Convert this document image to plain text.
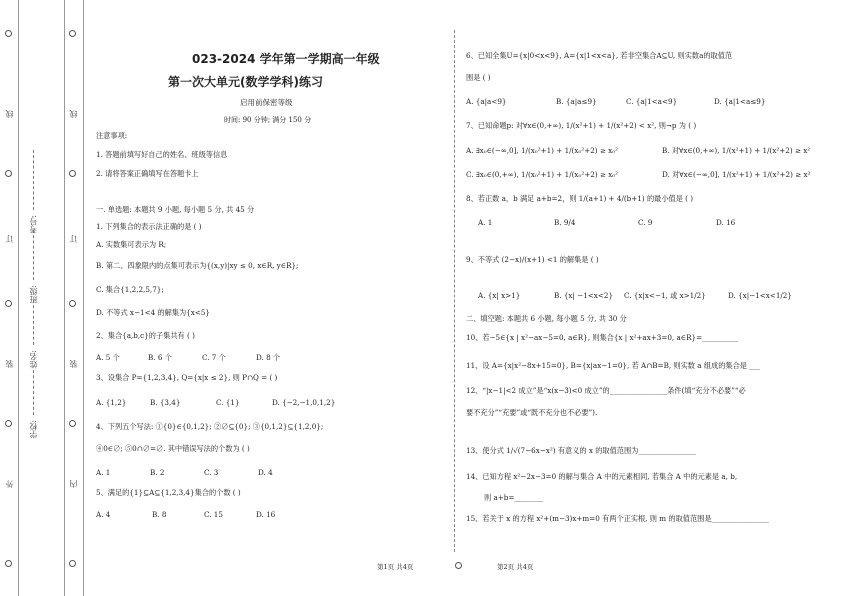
线
订
装
外
线
订
装
内
学校:
姓名:
班级:
考号:
023-2024 学年第一学期高一年级
第一次大单元(数学学科)练习
启用前保密等级
时间: 90 分钟; 满分 150 分
注意事项:
1. 答题前填写好自己的姓名、班级等信息
2. 请将答案正确填写在答题卡上
一. 单选题: 本题共 9 小题, 每小题 5 分, 共 45 分
1. 下列集合的表示法正确的是 ( )
A. 实数集可表示为 R;
B. 第二、四象限内的点集可表示为{(x,y)|xy ≤ 0, x∈R, y∈R};
C. 集合{1,2,2,5,7};
D. 不等式 x−1<4 的解集为{x<5}
2、集合{a,b,c}的子集共有 ( )
A. 5 个	B. 6 个	C. 7 个	D. 8 个
3、设集合 P={1,2,3,4}, Q={x|x ≤ 2}, 则 P∩Q = ( )
A. {1,2}	B. {3,4}	C. {1}	D. {−2,−1,0,1,2}
4、下列五个写法: ①{0}∈{0,1,2}; ②∅⊆{0}; ③{0,1,2}⊆{1,2,0};
④0∈∅; ⑤0∩∅=∅. 其中错误写法的个数为 ( )
A. 1	B. 2	C. 3	D. 4
5、满足的{1}⊆A⊆{1,2,3,4}集合的个数 ( )
A. 4	B. 8	C. 15	D. 16
6、已知全集U={x|0<x<9}, A={x|1<x<a}, 若非空集合A⊆U, 则实数a的取值范
围是 ( )
A. {a|a<9}	B. {a|a≤9}	C. {a|1<a<9}	D. {a|1<a≤9}
7、已知命题p: 对∀x∈(0,+∞), 1/(x²+1) + 1/(x²+2) < x², 则¬p 为 ( )
A. ∃x₀∈(−∞,0], 1/(x₀²+1) + 1/(x₀²+2) ≥ x₀²	B. 对∀x∈(0,+∞), 1/(x²+1) + 1/(x²+2) ≥ x²
C. ∃x₀∈(0,+∞), 1/(x₀²+1) + 1/(x₀²+2) ≥ x₀²	D. 对∀x∈(−∞,0], 1/(x²+1) + 1/(x²+2) ≥ x²
8、若正数 a，b 满足 a+b=2，则 1/(a+1) + 4/(b+1) 的最小值是 ( )
A. 1	B. 9/4	C. 9	D. 16
9、不等式 (2−x)/(x+1) <1 的解集是 ( )
A. {x| x>1}	B. {x| −1<x<2} C. {x|x<−1, 或 x>1/2}	D. {x|−1<x<1/2}
二、填空题: 本题共 6 小题, 每小题 5 分, 共 30 分
10、若−5∈{x | x²−ax−5=0, a∈R}, 则集合{x | x²+ax+3=0, a∈R}=__________
11、设 A={x|x²−8x+15=0}, B={x|ax−1=0}, 若 A∩B=B, 则实数 a 组成的集合是 ___
12、“|x−1|<2 成立”是“x(x−3)<0 成立”的________________条件(填“充分不必要”“必
要不充分”“充要”或“既不充分也不必要”).
13、使分式 1/√(7−6x−x²) 有意义的 x 的取值范围为________________
14、已知方程 x²−2x−3=0 的解与集合 A 中的元素相同, 若集合 A 中的元素是 a, b,
则 a+b=________
15、若关于 x 的方程 x²+(m−3)x+m=0 有两个正实根, 则 m 的取值范围是________________
第1页 共4页	第2页 共4页
